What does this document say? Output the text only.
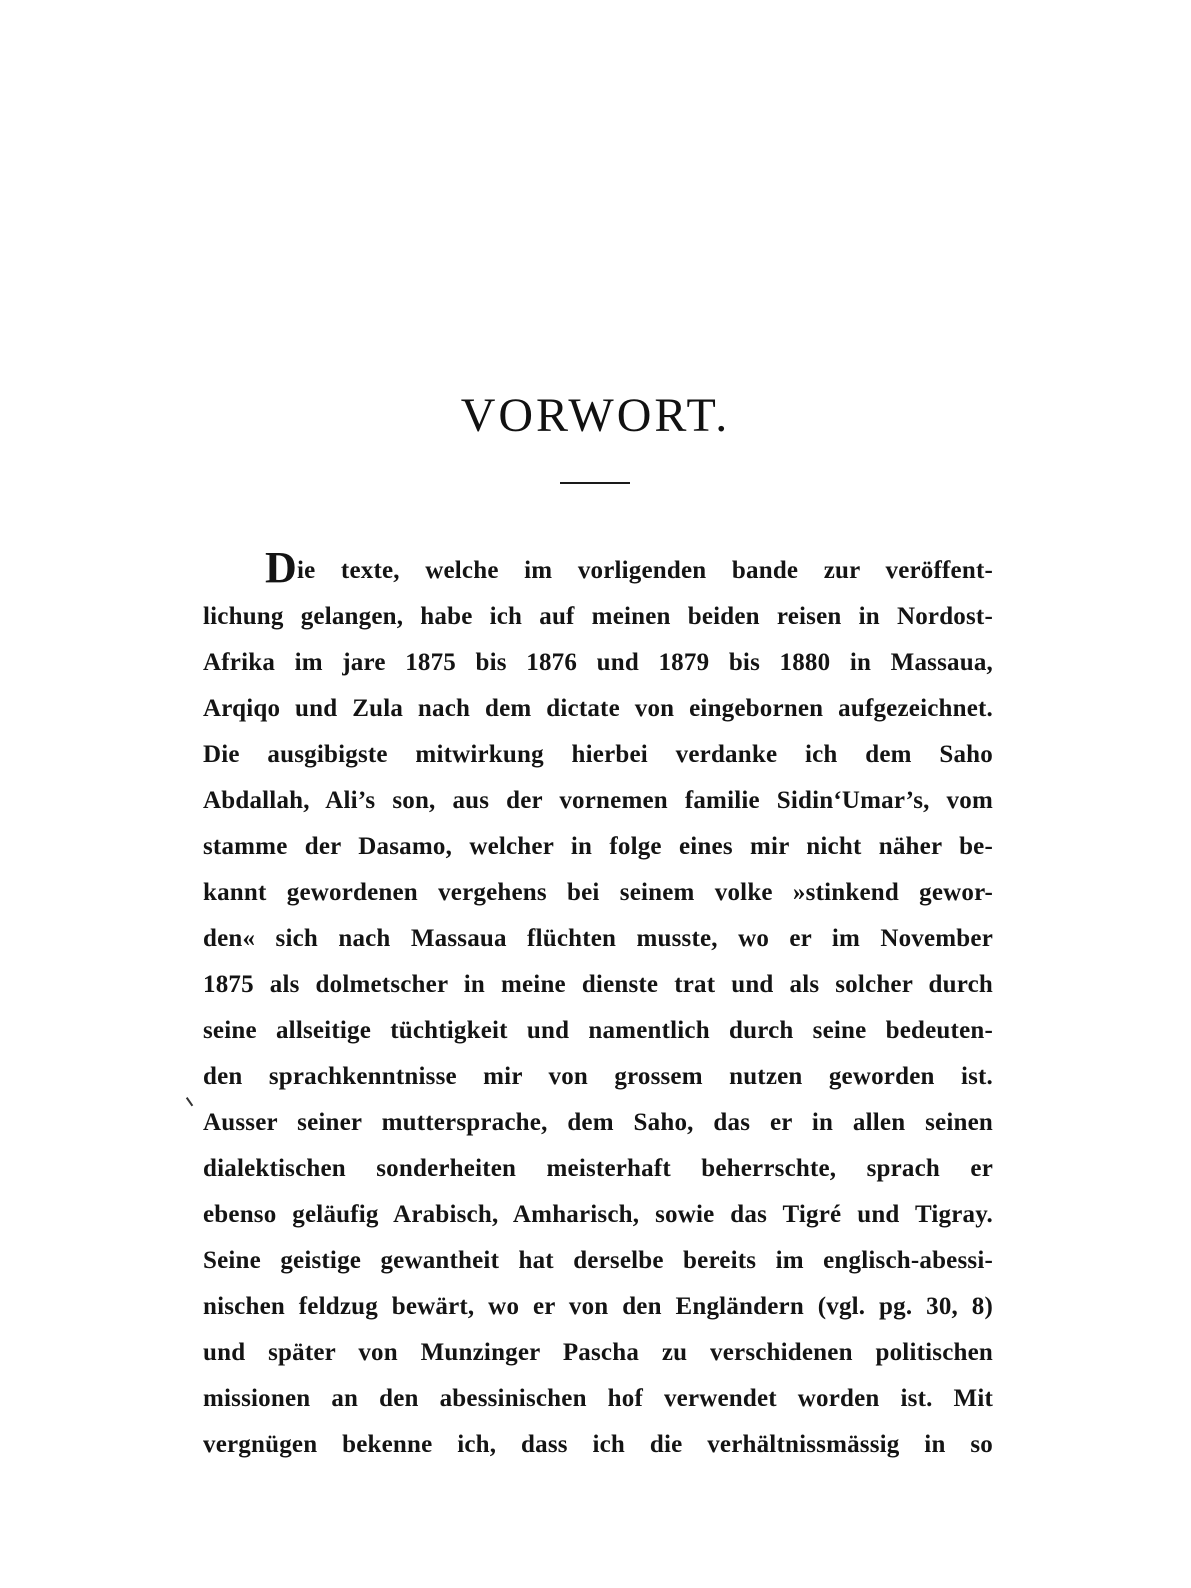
VORWORT.
Die texte, welche im vorligenden bande zur veröffent-
lichung gelangen, habe ich auf meinen beiden reisen in Nordost-
Afrika im jare 1875 bis 1876 und 1879 bis 1880 in Massaua,
Arqiqo und Zula nach dem dictate von eingebornen aufgezeichnet.
Die ausgibigste mitwirkung hierbei verdanke ich dem Saho
Abdallah, Ali’s son, aus der vornemen familie Sidin‘Umar’s, vom
stamme der Dasamo, welcher in folge eines mir nicht näher be-
kannt gewordenen vergehens bei seinem volke »stinkend gewor-
den« sich nach Massaua flüchten musste, wo er im November
1875 als dolmetscher in meine dienste trat und als solcher durch
seine allseitige tüchtigkeit und namentlich durch seine bedeuten-
den sprachkenntnisse mir von grossem nutzen geworden ist.
Ausser seiner muttersprache, dem Saho, das er in allen seinen
dialektischen sonderheiten meisterhaft beherrschte, sprach er
ebenso geläufig Arabisch, Amharisch, sowie das Tigré und Tigray.
Seine geistige gewantheit hat derselbe bereits im englisch-abessi-
nischen feldzug bewärt, wo er von den Engländern (vgl. pg. 30, 8)
und später von Munzinger Pascha zu verschidenen politischen
missionen an den abessinischen hof verwendet worden ist. Mit
vergnügen bekenne ich, dass ich die verhältnissmässig in so
